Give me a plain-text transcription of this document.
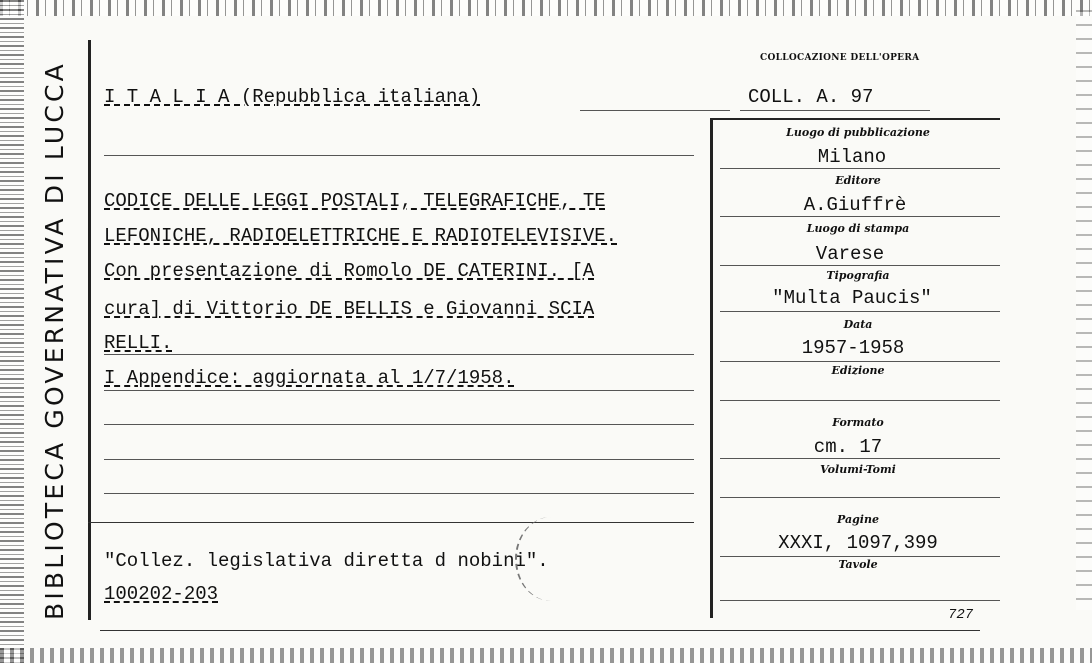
BIBLIOTECA GOVERNATIVA DI LUCCA	I T A L I A (Repubblica italiana)
COLLOCAZIONE DELL'OPERA
COLL. A. 97
CODICE DELLE LEGGI POSTALI, TELEGRAFICHE, TE
LEFONICHE, RADIOELETTRICHE E RADIOTELEVISIVE.
Con presentazione di Romolo DE CATERINI. [A
cura] di Vittorio DE BELLIS e Giovanni SCIA
RELLI.
I Appendice: aggiornata al 1/7/1958.
"Collez. legislativa diretta d nobini".
100202-203
Luogo di pubblicazione
Milano
Editore
A.Giuffrè
Luogo di stampa
Varese
Tipografia
"Multa Paucis"
Data
1957-1958
Edizione
Formato
cm. 17
Volumi-Tomi
Pagine
XXXI, 1097,399
Tavole
727
